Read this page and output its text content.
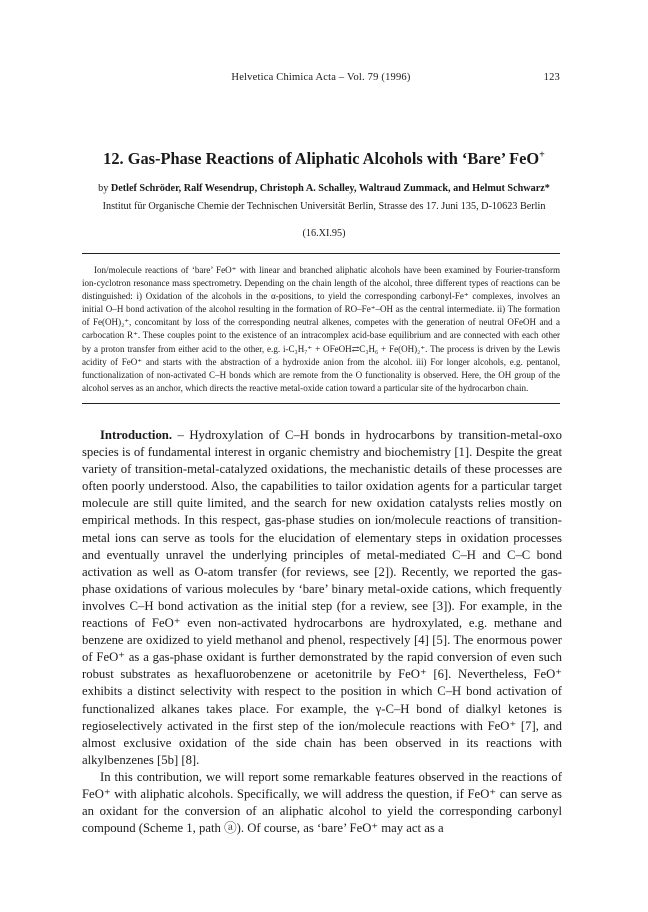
Helvetica Chimica Acta – Vol. 79 (1996)	123
12. Gas-Phase Reactions of Aliphatic Alcohols with ‘Bare’ FeO+
by Detlef Schröder, Ralf Wesendrup, Christoph A. Schalley, Waltraud Zummack, and Helmut Schwarz*
Institut für Organische Chemie der Technischen Universität Berlin, Strasse des 17. Juni 135, D-10623 Berlin
(16.XI.95)

Ion/molecule reactions of ‘bare’ FeO⁺ with linear and branched aliphatic alcohols have been examined by Fourier-transform ion-cyclotron resonance mass spectrometry. Depending on the chain length of the alcohol, three different types of reactions can be distinguished: i) Oxidation of the alcohols in the α-positions, to yield the corresponding carbonyl-Fe⁺ complexes, involves an initial O–H bond activation of the alcohol resulting in the formation of RO–Fe⁺–OH as the central intermediate. ii) The formation of Fe(OH)₂⁺, concomitant by loss of the corresponding neutral alkenes, competes with the generation of neutral OFeOH and a carbocation R⁺. These couples point to the existence of an intracomplex acid-base equilibrium and are connected with each other by a proton transfer from either acid to the other, e.g. i-C₃H₇⁺ + OFeOH⇄C₃H₆ + Fe(OH)₂⁺. The process is driven by the Lewis acidity of FeO⁺ and starts with the abstraction of a hydroxide anion from the alcohol. iii) For longer alcohols, e.g. pentanol, functionalization of non-activated C–H bonds which are remote from the O functionality is observed. Here, the OH group of the alcohol serves as an anchor, which directs the reactive metal-oxide cation toward a particular site of the hydrocarbon chain.

Introduction. – Hydroxylation of C–H bonds in hydrocarbons by transition-metal-oxo species is of fundamental interest in organic chemistry and biochemistry [1]. Despite the great variety of transition-metal-catalyzed oxidations, the mechanistic details of these processes are often poorly understood. Also, the capabilities to tailor oxidation agents for a particular target molecule are still quite limited, and the search for new oxidation catalysts relies mostly on empirical methods. In this respect, gas-phase studies on ion/molecule reactions of transition-metal ions can serve as tools for the elucidation of elementary steps in oxidation processes and eventually unravel the underlying principles of metal-mediated C–H and C–C bond activation as well as O-atom transfer (for reviews, see [2]). Recently, we reported the gas-phase oxidations of various molecules by ‘bare’ binary metal-oxide cations, which frequently involves C–H bond activation as the initial step (for a review, see [3]). For example, in the reactions of FeO⁺ even non-activated hydrocarbons are hydroxylated, e.g. methane and benzene are oxidized to yield methanol and phenol, respectively [4] [5]. The enormous power of FeO⁺ as a gas-phase oxidant is further demonstrated by the rapid conversion of even such robust substrates as hexafluorobenzene or acetonitrile by FeO⁺ [6]. Nevertheless, FeO⁺ exhibits a distinct selectivity with respect to the position in which C–H bond activation of functionalized alkanes takes place. For example, the γ-C–H bond of dialkyl ketones is regioselectively activated in the first step of the ion/molecule reactions with FeO⁺ [7], and almost exclusive oxidation of the side chain has been observed in its reactions with alkylbenzenes [5b] [8].

In this contribution, we will report some remarkable features observed in the reactions of FeO⁺ with aliphatic alcohols. Specifically, we will address the question, if FeO⁺ can serve as an oxidant for the conversion of an aliphatic alcohol to yield the corresponding carbonyl compound (Scheme 1, path ⓐ). Of course, as ‘bare’ FeO⁺ may act as a
